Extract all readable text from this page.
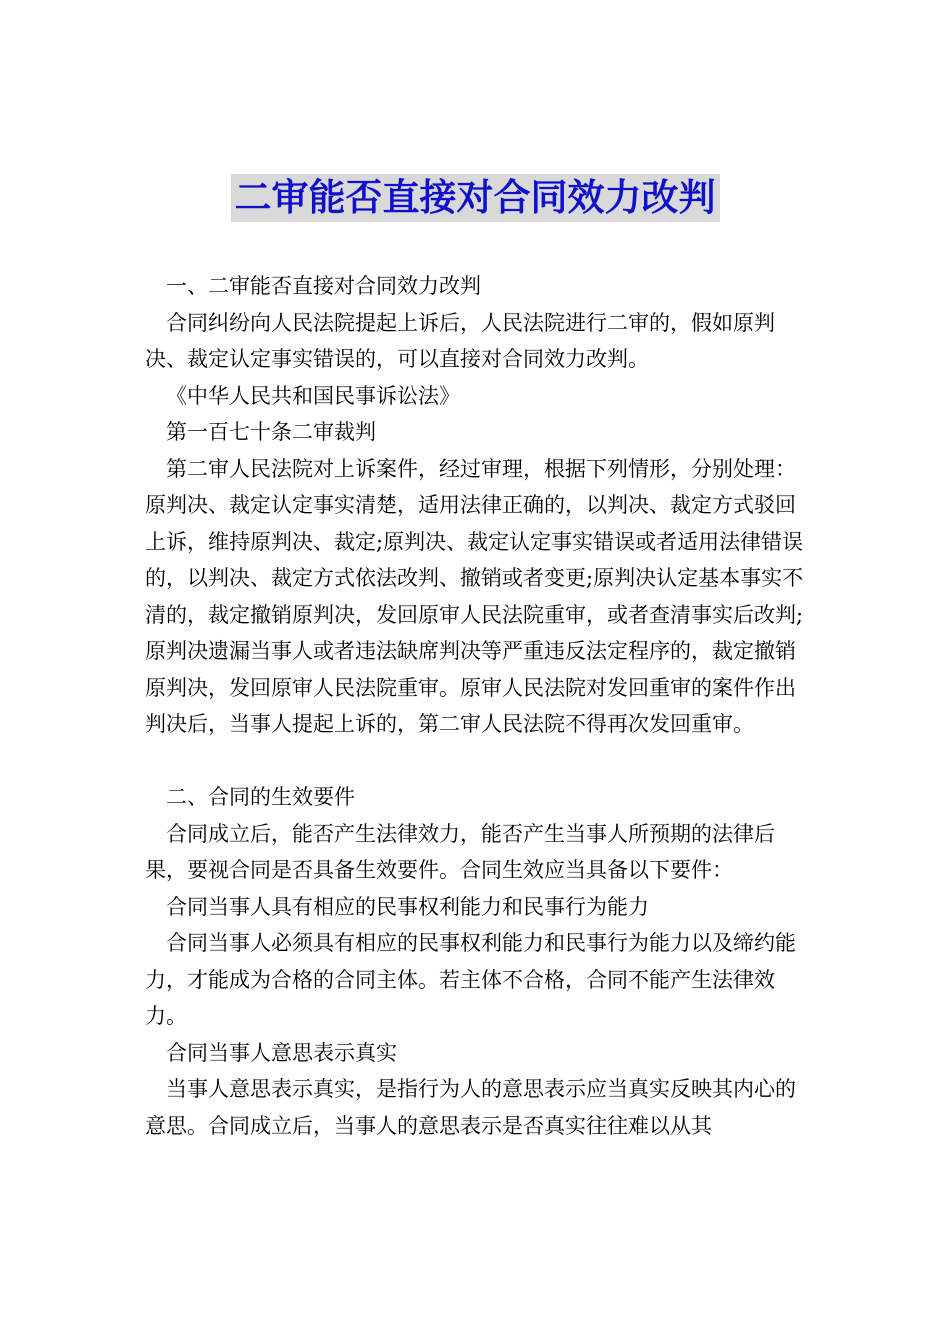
二审能否直接对合同效力改判
一、二审能否直接对合同效力改判

合同纠纷向人民法院提起上诉后，人民法院进行二审的，假如原判决、裁定认定事实错误的，可以直接对合同效力改判。

《中华人民共和国民事诉讼法》

第一百七十条二审裁判

第二审人民法院对上诉案件，经过审理，根据下列情形，分别处理：原判决、裁定认定事实清楚，适用法律正确的，以判决、裁定方式驳回上诉，维持原判决、裁定;原判决、裁定认定事实错误或者适用法律错误的，以判决、裁定方式依法改判、撤销或者变更;原判决认定基本事实不清的，裁定撤销原判决，发回原审人民法院重审，或者查清事实后改判;原判决遗漏当事人或者违法缺席判决等严重违反法定程序的，裁定撤销原判决，发回原审人民法院重审。原审人民法院对发回重审的案件作出判决后，当事人提起上诉的，第二审人民法院不得再次发回重审。

二、合同的生效要件

合同成立后，能否产生法律效力，能否产生当事人所预期的法律后果，要视合同是否具备生效要件。合同生效应当具备以下要件：

合同当事人具有相应的民事权利能力和民事行为能力

合同当事人必须具有相应的民事权利能力和民事行为能力以及缔约能力，才能成为合格的合同主体。若主体不合格，合同不能产生法律效力。

合同当事人意思表示真实

当事人意思表示真实，是指行为人的意思表示应当真实反映其内心的意思。合同成立后，当事人的意思表示是否真实往往难以从其
